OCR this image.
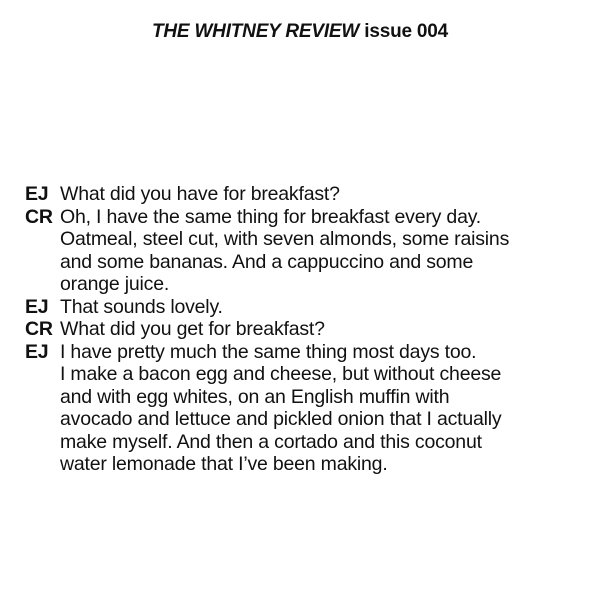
THE WHITNEY REVIEW issue 004
EJ What did you have for breakfast?
CR Oh, I have the same thing for breakfast every day.
Oatmeal, steel cut, with seven almonds, some raisins
and some bananas. And a cappuccino and some
orange juice.
EJ That sounds lovely.
CR What did you get for breakfast?
EJ I have pretty much the same thing most days too.
I make a bacon egg and cheese, but without cheese
and with egg whites, on an English muffin with
avocado and lettuce and pickled onion that I actually
make myself. And then a cortado and this coconut
water lemonade that I’ve been making.
